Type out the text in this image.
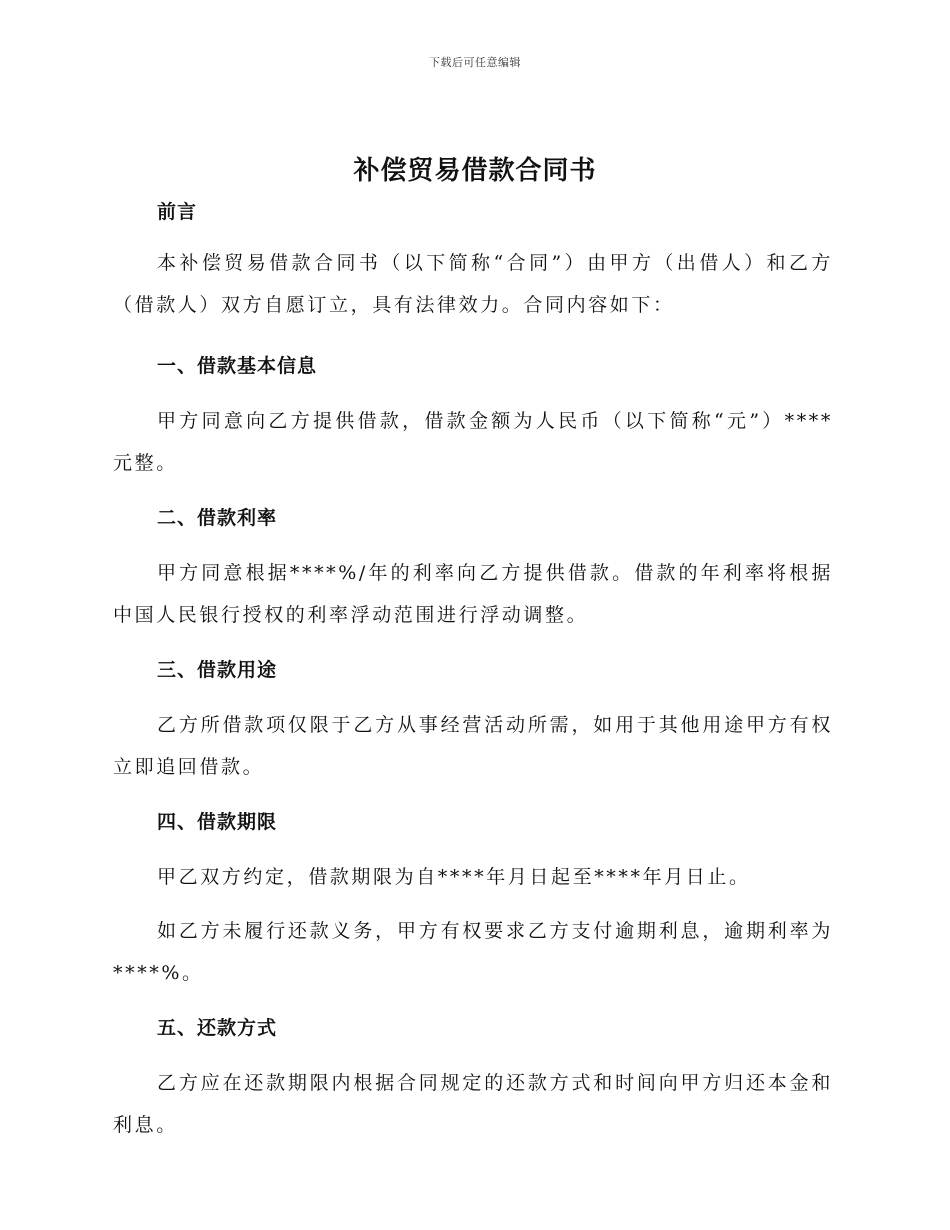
下载后可任意编辑
补偿贸易借款合同书
前言
本补偿贸易借款合同书（以下简称“合同”）由甲方（出借人）和乙方（借款人）双方自愿订立，具有法律效力。合同内容如下：
一、借款基本信息
甲方同意向乙方提供借款，借款金额为人民币（以下简称“元”）****元整。
二、借款利率
甲方同意根据****%/年的利率向乙方提供借款。借款的年利率将根据中国人民银行授权的利率浮动范围进行浮动调整。
三、借款用途
乙方所借款项仅限于乙方从事经营活动所需，如用于其他用途甲方有权立即追回借款。
四、借款期限
甲乙双方约定，借款期限为自****年月日起至****年月日止。
如乙方未履行还款义务，甲方有权要求乙方支付逾期利息，逾期利率为****%。
五、还款方式
乙方应在还款期限内根据合同规定的还款方式和时间向甲方归还本金和利息。
